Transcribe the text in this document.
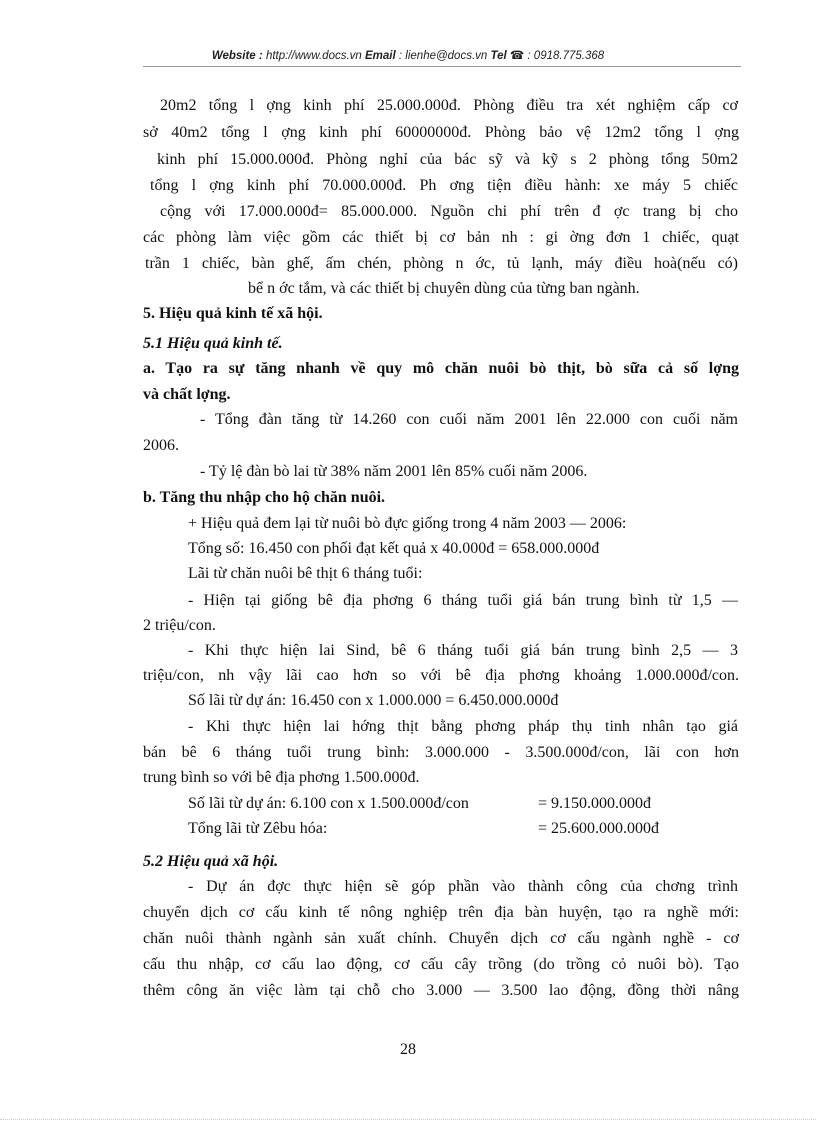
Website : http://www.docs.vn Email : lienhe@docs.vn Tel ☎ : 0918.775.368
20m2 tổng l ợng kinh phí 25.000.000đ. Phòng điều tra xét nghiệm cấp cơ
sở 40m2 tổng l ợng kinh phí 60000000đ. Phòng bảo vệ 12m2 tổng l ợng
kinh phí 15.000.000đ. Phòng nghỉ của bác sỹ và kỹ s 2 phòng tổng 50m2
tổng l ợng kinh phí 70.000.000đ. Ph ơng tiện điều hành: xe máy 5 chiếc
cộng với 17.000.000đ= 85.000.000. Nguồn chi phí trên đ ợc trang bị cho
các phòng làm việc gồm các thiết bị cơ bản nh : gi ờng đơn 1 chiếc, quạt
trần 1 chiếc, bàn ghế, ấm chén, phòng n ớc, tủ lạnh, máy điều hoà(nếu có)
bể n ớc tắm, và các thiết bị chuyên dùng của từng ban ngành.
5. Hiệu quả kinh tế xã hội.
5.1 Hiệu quả kinh tế.
a. Tạo ra sự tăng nhanh về quy mô chăn nuôi bò thịt, bò sữa cả số lợng
và chất lợng.
- Tổng đàn tăng từ 14.260 con cuối năm 2001 lên 22.000 con cuối năm
2006.
- Tỷ lệ đàn bò lai từ 38% năm 2001 lên 85% cuối năm 2006.
b. Tăng thu nhập cho hộ chăn nuôi.
+ Hiệu quả đem lại từ nuôi bò đực giống trong 4 năm 2003 — 2006:
Tổng số: 16.450 con phối đạt kết quả x 40.000đ = 658.000.000đ
Lãi từ chăn nuôi bê thịt 6 tháng tuổi:
- Hiện tại giống bê địa phơng 6 tháng tuổi giá bán trung bình từ 1,5 —
2 triệu/con.
- Khi thực hiện lai Sind, bê 6 tháng tuổi giá bán trung bình 2,5 — 3
triệu/con, nh vậy lãi cao hơn so với bê địa phơng khoảng 1.000.000đ/con.
Số lãi từ dự án: 16.450 con x 1.000.000 = 6.450.000.000đ
- Khi thực hiện lai hớng thịt bằng phơng pháp thụ tinh nhân tạo giá
bán bê 6 tháng tuổi trung bình: 3.000.000 - 3.500.000đ/con, lãi con hơn
trung bình so với bê địa phơng 1.500.000đ.
Số lãi từ dự án: 6.100 con x 1.500.000đ/con	= 9.150.000.000đ
Tổng lãi từ Zêbu hóa:	= 25.600.000.000đ
5.2 Hiệu quả xã hội.
- Dự án đợc thực hiện sẽ góp phần vào thành công của chơng trình
chuyển dịch cơ cấu kinh tế nông nghiệp trên địa bàn huyện, tạo ra nghề mới:
chăn nuôi thành ngành sản xuất chính. Chuyển dịch cơ cấu ngành nghề - cơ
cấu thu nhập, cơ cấu lao động, cơ cấu cây trồng (do trồng cỏ nuôi bò). Tạo
thêm công ăn việc làm tại chỗ cho 3.000 — 3.500 lao động, đồng thời nâng
28
